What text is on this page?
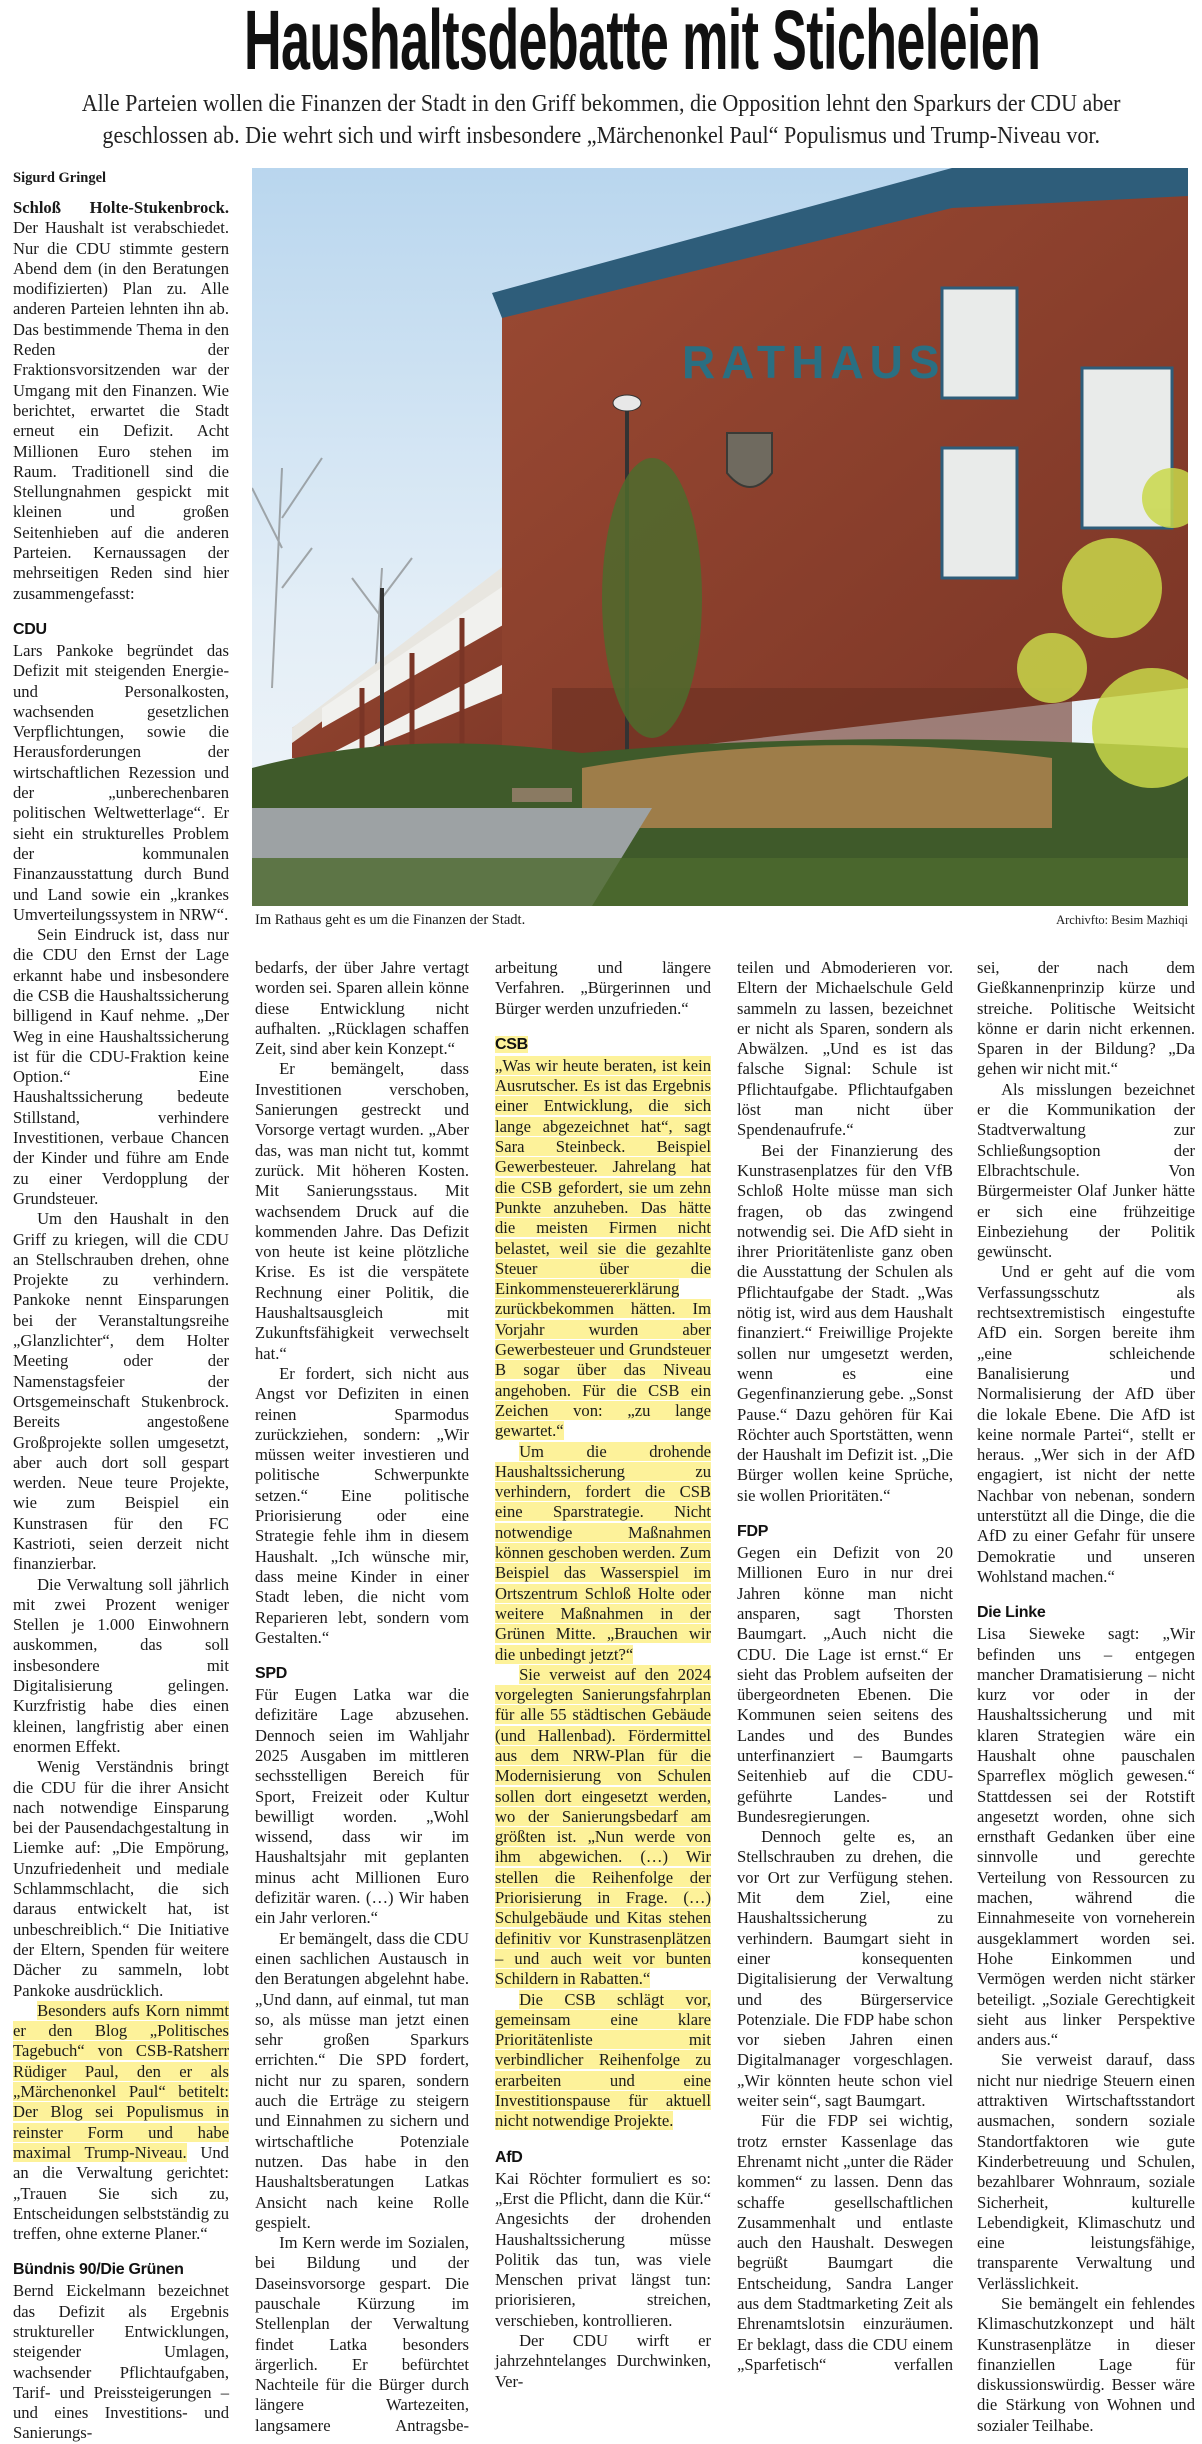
Haushaltsdebatte mit Sticheleien
Alle Parteien wollen die Finanzen der Stadt in den Griff bekommen, die Opposition lehnt den Sparkurs der CDU aber
geschlossen ab. Die wehrt sich und wirft insbesondere „Märchenonkel Paul“ Populismus und Trump-Niveau vor.
Sigurd Gringel
RATHAUS
Im Rathaus geht es um die Finanzen der Stadt.	Archivfto: Besim Mazhiqi

Schloß Holte-Stukenbrock. Der Haushalt ist verabschiedet. Nur die CDU stimmte gestern Abend dem (in den Beratungen modifizierten) Plan zu. Alle anderen Parteien lehnten ihn ab. Das bestimmende Thema in den Reden der Fraktionsvorsitzenden war der Umgang mit den Finanzen. Wie berichtet, erwartet die Stadt erneut ein Defizit. Acht Millionen Euro stehen im Raum. Traditionell sind die Stellungnahmen gespickt mit kleinen und großen Seitenhieben auf die anderen Parteien. Kernaussagen der mehrseitigen Reden sind hier zusammengefasst:

CDU

Lars Pankoke begründet das Defizit mit steigenden Energie- und Personalkosten, wachsenden gesetzlichen Verpflichtungen, sowie die Herausforderungen der wirtschaftlichen Rezession und der „unberechenbaren politischen Weltwetterlage“. Er sieht ein strukturelles Problem der kommunalen Finanzausstattung durch Bund und Land sowie ein „krankes Umverteilungssystem in NRW“.

Sein Eindruck ist, dass nur die CDU den Ernst der Lage erkannt habe und insbesondere die CSB die Haushaltssicherung billigend in Kauf nehme. „Der Weg in eine Haushaltssicherung ist für die CDU-Fraktion keine Option.“ Eine Haushaltssicherung bedeute Stillstand, verhindere Investitionen, verbaue Chancen der Kinder und führe am Ende zu einer Verdopplung der Grundsteuer.

Um den Haushalt in den Griff zu kriegen, will die CDU an Stellschrauben drehen, ohne Projekte zu verhindern. Pankoke nennt Einsparungen bei der Veranstaltungsreihe „Glanzlichter“, dem Holter Meeting oder der Namenstagsfeier der Ortsgemeinschaft Stukenbrock. Bereits angestoßene Großprojekte sollen umgesetzt, aber auch dort soll gespart werden. Neue teure Projekte, wie zum Beispiel ein Kunstrasen für den FC Kastrioti, seien derzeit nicht finanzierbar.

Die Verwaltung soll jährlich mit zwei Prozent weniger Stellen je 1.000 Einwohnern auskommen, das soll insbesondere mit Digitalisierung gelingen. Kurzfristig habe dies einen kleinen, langfristig aber einen enormen Effekt.

Wenig Verständnis bringt die CDU für die ihrer Ansicht nach notwendige Einsparung bei der Pausendachgestaltung in Liemke auf: „Die Empörung, Unzufriedenheit und mediale Schlammschlacht, die sich daraus entwickelt hat, ist unbeschreiblich.“ Die Initiative der Eltern, Spenden für weitere Dächer zu sammeln, lobt Pankoke ausdrücklich.

Besonders aufs Korn nimmt er den Blog „Politisches Tagebuch“ von CSB-Ratsherr Rüdiger Paul, den er als „Märchenonkel Paul“ betitelt: Der Blog sei Populismus in reinster Form und habe maximal Trump-Niveau. Und an die Verwaltung gerichtet: „Trauen Sie sich zu, Entscheidungen selbstständig zu treffen, ohne externe Planer.“

Bündnis 90/Die Grünen

Bernd Eickelmann bezeichnet das Defizit als Ergebnis struktureller Entwicklungen, steigender Umlagen, wachsender Pflichtaufgaben, Tarif- und Preissteigerungen – und eines Investitions- und Sanierungs-

bedarfs, der über Jahre vertagt worden sei. Sparen allein könne diese Entwicklung nicht aufhalten. „Rücklagen schaffen Zeit, sind aber kein Konzept.“

Er bemängelt, dass Investitionen verschoben, Sanierungen gestreckt und Vorsorge vertagt wurden. „Aber das, was man nicht tut, kommt zurück. Mit höheren Kosten. Mit Sanierungsstaus. Mit wachsendem Druck auf die kommenden Jahre. Das Defizit von heute ist keine plötzliche Krise. Es ist die verspätete Rechnung einer Politik, die Haushaltsausgleich mit Zukunftsfähigkeit verwechselt hat.“

Er fordert, sich nicht aus Angst vor Defiziten in einen reinen Sparmodus zurückziehen, sondern: „Wir müssen weiter investieren und politische Schwerpunkte setzen.“ Eine politische Priorisierung oder eine Strategie fehle ihm in diesem Haushalt. „Ich wünsche mir, dass meine Kinder in einer Stadt leben, die nicht vom Reparieren lebt, sondern vom Gestalten.“

SPD

Für Eugen Latka war die defizitäre Lage abzusehen. Dennoch seien im Wahljahr 2025 Ausgaben im mittleren sechsstelligen Bereich für Sport, Freizeit oder Kultur bewilligt worden. „Wohl wissend, dass wir im Haushaltsjahr mit geplanten minus acht Millionen Euro defizitär waren. (…) Wir haben ein Jahr verloren.“

Er bemängelt, dass die CDU einen sachlichen Austausch in den Beratungen abgelehnt habe. „Und dann, auf einmal, tut man so, als müsse man jetzt einen sehr großen Sparkurs errichten.“ Die SPD fordert, nicht nur zu sparen, sondern auch die Erträge zu steigern und Einnahmen zu sichern und wirtschaftliche Potenziale nutzen. Das habe in den Haushaltsberatungen Latkas Ansicht nach keine Rolle gespielt.

Im Kern werde im Sozialen, bei Bildung und der Daseinsvorsorge gespart. Die pauschale Kürzung im Stellenplan der Verwaltung findet Latka besonders ärgerlich. Er befürchtet Nachteile für die Bürger durch längere Wartezeiten, langsamere Antragsbe-

arbeitung und längere Verfahren. „Bürgerinnen und Bürger werden unzufrieden.“

CSB

„Was wir heute beraten, ist kein Ausrutscher. Es ist das Ergebnis einer Entwicklung, die sich lange abgezeichnet hat“, sagt Sara Steinbeck. Beispiel Gewerbesteuer. Jahrelang hat die CSB gefordert, sie um zehn Punkte anzuheben. Das hätte die meisten Firmen nicht belastet, weil sie die gezahlte Steuer über die Einkommensteuererklärung zurückbekommen hätten. Im Vorjahr wurden aber Gewerbesteuer und Grundsteuer B sogar über das Niveau angehoben. Für die CSB ein Zeichen von: „zu lange gewartet.“

Um die drohende Haushaltssicherung zu verhindern, fordert die CSB eine Sparstrategie. Nicht notwendige Maßnahmen können geschoben werden. Zum Beispiel das Wasserspiel im Ortszentrum Schloß Holte oder weitere Maßnahmen in der Grünen Mitte. „Brauchen wir die unbedingt jetzt?“

Sie verweist auf den 2024 vorgelegten Sanierungsfahrplan für alle 55 städtischen Gebäude (und Hallenbad). Fördermittel aus dem NRW-Plan für die Modernisierung von Schulen sollen dort eingesetzt werden, wo der Sanierungsbedarf am größten ist. „Nun werde von ihm abgewichen. (…) Wir stellen die Reihenfolge der Priorisierung in Frage. (…) Schulgebäude und Kitas stehen definitiv vor Kunstrasenplätzen – und auch weit vor bunten Schildern in Rabatten.“

Die CSB schlägt vor, gemeinsam eine klare Prioritätenliste mit verbindlicher Reihenfolge zu erarbeiten und eine Investitionspause für aktuell nicht notwendige Projekte.

AfD

Kai Röchter formuliert es so: „Erst die Pflicht, dann die Kür.“ Angesichts der drohenden Haushaltssicherung müsse Politik das tun, was viele Menschen privat längst tun: priorisieren, streichen, verschieben, kontrollieren.

Der CDU wirft er jahrzehntelanges Durchwinken, Ver-

teilen und Abmoderieren vor. Eltern der Michaelschule Geld sammeln zu lassen, bezeichnet er nicht als Sparen, sondern als Abwälzen. „Und es ist das falsche Signal: Schule ist Pflichtaufgabe. Pflichtaufgaben löst man nicht über Spendenaufrufe.“

Bei der Finanzierung des Kunstrasenplatzes für den VfB Schloß Holte müsse man sich fragen, ob das zwingend notwendig sei. Die AfD sieht in ihrer Prioritätenliste ganz oben die Ausstattung der Schulen als Pflichtaufgabe der Stadt. „Was nötig ist, wird aus dem Haushalt finanziert.“ Freiwillige Projekte sollen nur umgesetzt werden, wenn es eine Gegenfinanzierung gebe. „Sonst Pause.“ Dazu gehören für Kai Röchter auch Sportstätten, wenn der Haushalt im Defizit ist. „Die Bürger wollen keine Sprüche, sie wollen Prioritäten.“

FDP

Gegen ein Defizit von 20 Millionen Euro in nur drei Jahren könne man nicht ansparen, sagt Thorsten Baumgart. „Auch nicht die CDU. Die Lage ist ernst.“ Er sieht das Problem aufseiten der übergeordneten Ebenen. Die Kommunen seien seitens des Landes und des Bundes unterfinanziert – Baumgarts Seitenhieb auf die CDU-geführte Landes- und Bundesregierungen.

Dennoch gelte es, an Stellschrauben zu drehen, die vor Ort zur Verfügung stehen. Mit dem Ziel, eine Haushaltssicherung zu verhindern. Baumgart sieht in einer konsequenten Digitalisierung der Verwaltung und des Bürgerservice Potenziale. Die FDP habe schon vor sieben Jahren einen Digitalmanager vorgeschlagen. „Wir könnten heute schon viel weiter sein“, sagt Baumgart.

Für die FDP sei wichtig, trotz ernster Kassenlage das Ehrenamt nicht „unter die Räder kommen“ zu lassen. Denn das schaffe gesellschaftlichen Zusammenhalt und entlaste auch den Haushalt. Deswegen begrüßt Baumgart die Entscheidung, Sandra Langer aus dem Stadtmarketing Zeit als Ehrenamtslotsin einzuräumen. Er beklagt, dass die CDU einem „Sparfetisch“ verfallen

sei, der nach dem Gießkannenprinzip kürze und streiche. Politische Weitsicht könne er darin nicht erkennen. Sparen in der Bildung? „Da gehen wir nicht mit.“

Als misslungen bezeichnet er die Kommunikation der Stadtverwaltung zur Schließungsoption der Elbrachtschule. Von Bürgermeister Olaf Junker hätte er sich eine frühzeitige Einbeziehung der Politik gewünscht.

Und er geht auf die vom Verfassungsschutz als rechtsextremistisch eingestufte AfD ein. Sorgen bereite ihm „eine schleichende Banalisierung und Normalisierung der AfD über die lokale Ebene. Die AfD ist keine normale Partei“, stellt er heraus. „Wer sich in der AfD engagiert, ist nicht der nette Nachbar von nebenan, sondern unterstützt all die Dinge, die die AfD zu einer Gefahr für unsere Demokratie und unseren Wohlstand machen.“

Die Linke

Lisa Sieweke sagt: „Wir befinden uns – entgegen mancher Dramatisierung – nicht kurz vor oder in der Haushaltssicherung und mit klaren Strategien wäre ein Haushalt ohne pauschalen Sparreflex möglich gewesen.“ Stattdessen sei der Rotstift angesetzt worden, ohne sich ernsthaft Gedanken über eine sinnvolle und gerechte Verteilung von Ressourcen zu machen, während die Einnahmeseite von vorneherein ausgeklammert worden sei. Hohe Einkommen und Vermögen werden nicht stärker beteiligt. „Soziale Gerechtigkeit sieht aus linker Perspektive anders aus.“

Sie verweist darauf, dass nicht nur niedrige Steuern einen attraktiven Wirtschaftsstandort ausmachen, sondern soziale Standortfaktoren wie gute Kinderbetreuung und Schulen, bezahlbarer Wohnraum, soziale Sicherheit, kulturelle Lebendigkeit, Klimaschutz und eine leistungsfähige, transparente Verwaltung und Verlässlichkeit.

Sie bemängelt ein fehlendes Klimaschutzkonzept und hält Kunstrasenplätze in dieser finanziellen Lage für diskussionswürdig. Besser wäre die Stärkung von Wohnen und sozialer Teilhabe.
